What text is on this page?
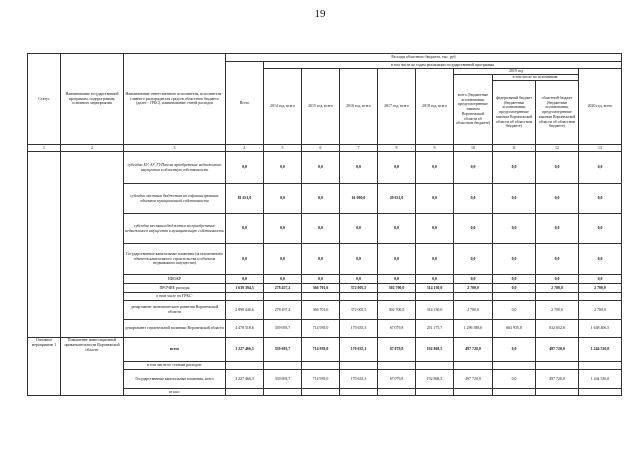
19
Статус	Наименование государственной программы, подпрограммы, основного мероприятия	Наименование ответственного исполнителя, исполнителя - главного распорядителя средств областного бюджета (далее - ГРБС), наименование статей расходов	Расходы областного бюджета, тыс. руб									
			Всего	в том числе по годам реализации государственной программы								
				2014 год, всего	2015 год, всего	2016 год, всего	2017 год, всего	2018 год, всего	2019 год			2020 год, всего
									всего (бюджетные ассигнования, предусмотренные законом Воронежской области об областном бюджете)	в том числе по источникам:		
										федеральный бюджет (бюджетные ассигнования, предусмотренные законом Воронежской области об областном бюджете)	областной бюджет (бюджетные ассигнования, предусмотренные законом Воронежской области об областном бюджете)	
1	2	3	4	5	6	7	8	9	10	11	12	13
		субсидии БУ, АУ, ГУПам на приобретение недвижимого имущества в областную собственность	0,0	0,0	0,0	0,0	0,0	0,0	0,0	0,0	0,0	0,0
		субсидии местным бюджетам на софинансирование объектов муниципальной собственности	81 631,0	0,0	0,0	61 000,0	20 631,0	0,0	0,0	0,0	0,0	0,0
		субсидии местным бюджетам на приобретение недвижимого имущества в муниципальную собственность	0,0	0,0	0,0	0,0	0,0	0,0	0,0	0,0	0,0	0,0
		Государственные капитальные вложения (за исключением объектов капитального строительства и объектов недвижимого имущества)	0,0	0,0	0,0	0,0	0,0	0,0	0,0	0,0	0,0	0,0
		НИОКР	0,0	0,0	0,0	0,0	0,0	0,0	0,0	0,0	0,0	0,0
		ПРОЧИЕ расходы	1 639 394,3	278 457,2	366 701,6	372 005,5	302 700,0	314 130,0	2 700,0	0,0	2 700,0	2 700,0
		в том числе по ГРБС:										
		департамент экономического развития Воронежской области	2 890 446,6	278 457,2	366 701,6	372 005,5	302 700,0	314 130,0	2 700,0	0,0	2 700,0	2 700,0
		департамент строительной политики Воронежской области	4 478 518,6	339 693,7	714 939,0	170 635,3	67 079,8	251 175,7	1 296 588,6	663 935,8	632 652,8	1 638 406,5
Основное мероприятие 1	Повышение инвестиционной привлекательности Воронежской области	всего	3 227 466,3	339 693,7	714 939,0	170 635,3	67 079,8	192 868,5	497 720,0	0,0	497 720,0	1 244 530,0
		в том числе по статьям расходов:										
		Государственные капитальные вложения, всего	3 227 466,3	339 693,7	714 939,0	170 635,3	67 079,8	192 868,5	497 720,0	0,0	497 720,0	1 244 530,0
		из них:										
